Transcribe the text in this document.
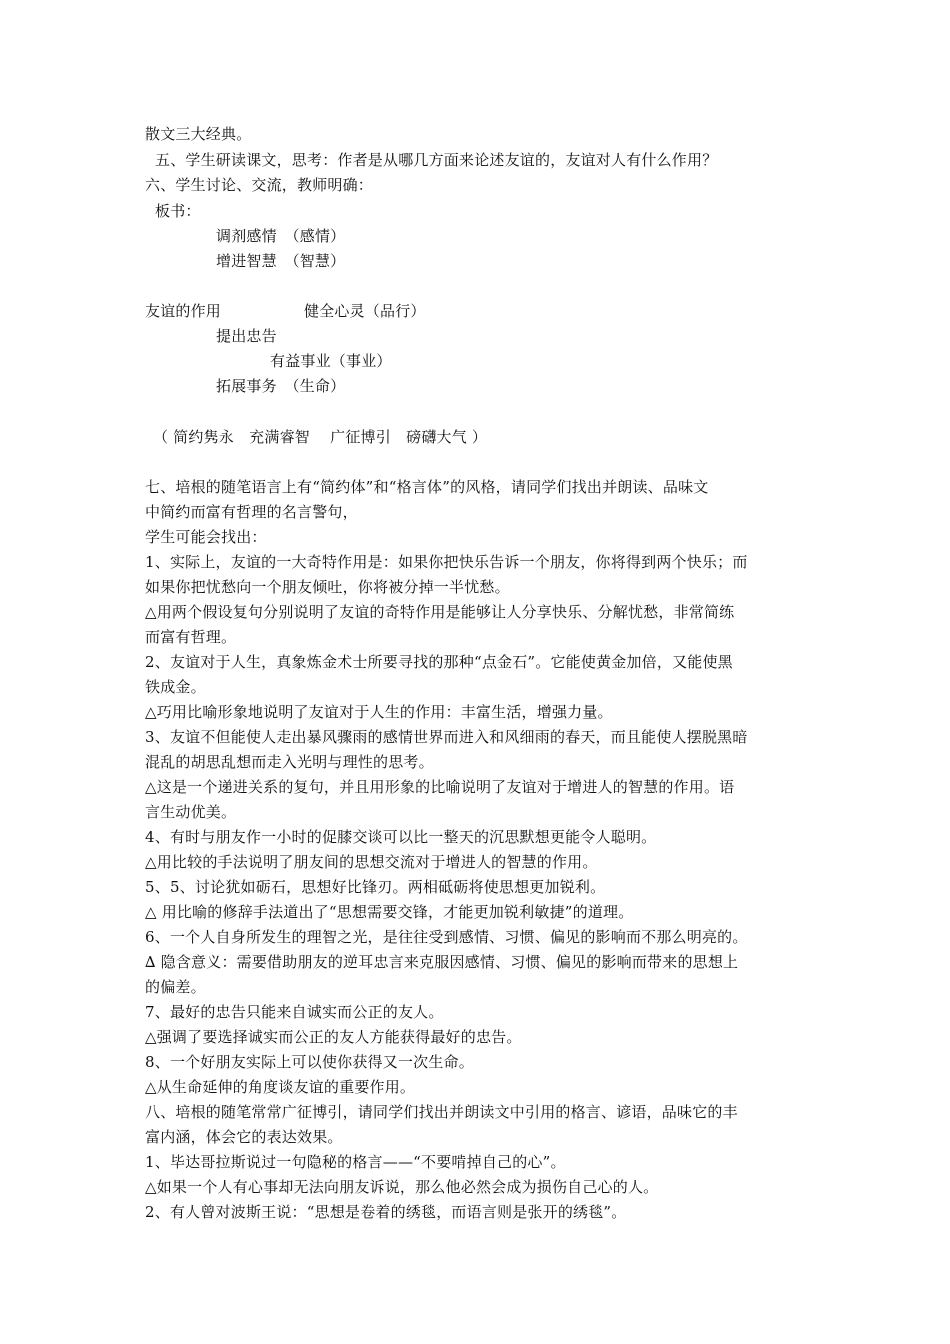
散文三大经典。
五、学生研读课文，思考：作者是从哪几方面来论述友谊的，友谊对人有什么作用？
六、学生讨论、交流，教师明确：
板书：
调剂感情　（感情）
增进智慧　（智慧）
友谊的作用	健全心灵（品行）
提出忠告
有益事业（事业）
拓展事务　（生命）
（ 简约隽永　充满睿智　 广征博引　磅礴大气 ）
七、培根的随笔语言上有“简约体”和“格言体”的风格，请同学们找出并朗读、品味文
中简约而富有哲理的名言警句，
学生可能会找出：
1、实际上，友谊的一大奇特作用是：如果你把快乐告诉一个朋友，你将得到两个快乐；而
如果你把忧愁向一个朋友倾吐，你将被分掉一半忧愁。
△用两个假设复句分别说明了友谊的奇特作用是能够让人分享快乐、分解忧愁，非常简练
而富有哲理。
2、友谊对于人生，真象炼金术士所要寻找的那种“点金石”。它能使黄金加倍，又能使黑
铁成金。
△巧用比喻形象地说明了友谊对于人生的作用：丰富生活，增强力量。
3、友谊不但能使人走出暴风骤雨的感情世界而进入和风细雨的春天，而且能使人摆脱黑暗
混乱的胡思乱想而走入光明与理性的思考。
△这是一个递进关系的复句，并且用形象的比喻说明了友谊对于增进人的智慧的作用。语
言生动优美。
4、有时与朋友作一小时的促膝交谈可以比一整天的沉思默想更能令人聪明。
△用比较的手法说明了朋友间的思想交流对于增进人的智慧的作用。
5、5、讨论犹如砺石，思想好比锋刃。两相砥砺将使思想更加锐利。
△ 用比喻的修辞手法道出了“思想需要交锋，才能更加锐利敏捷”的道理。
6、一个人自身所发生的理智之光，是往往受到感情、习惯、偏见的影响而不那么明亮的。
∆ 隐含意义：需要借助朋友的逆耳忠言来克服因感情、习惯、偏见的影响而带来的思想上
的偏差。
7、最好的忠告只能来自诚实而公正的友人。
△强调了要选择诚实而公正的友人方能获得最好的忠告。
8、一个好朋友实际上可以使你获得又一次生命。
△从生命延伸的角度谈友谊的重要作用。
八、培根的随笔常常广征博引，请同学们找出并朗读文中引用的格言、谚语，品味它的丰
富内涵，体会它的表达效果。
1、毕达哥拉斯说过一句隐秘的格言——“不要啃掉自己的心”。
△如果一个人有心事却无法向朋友诉说，那么他必然会成为损伤自己心的人。
2、有人曾对波斯王说：“思想是卷着的绣毯，而语言则是张开的绣毯”。
